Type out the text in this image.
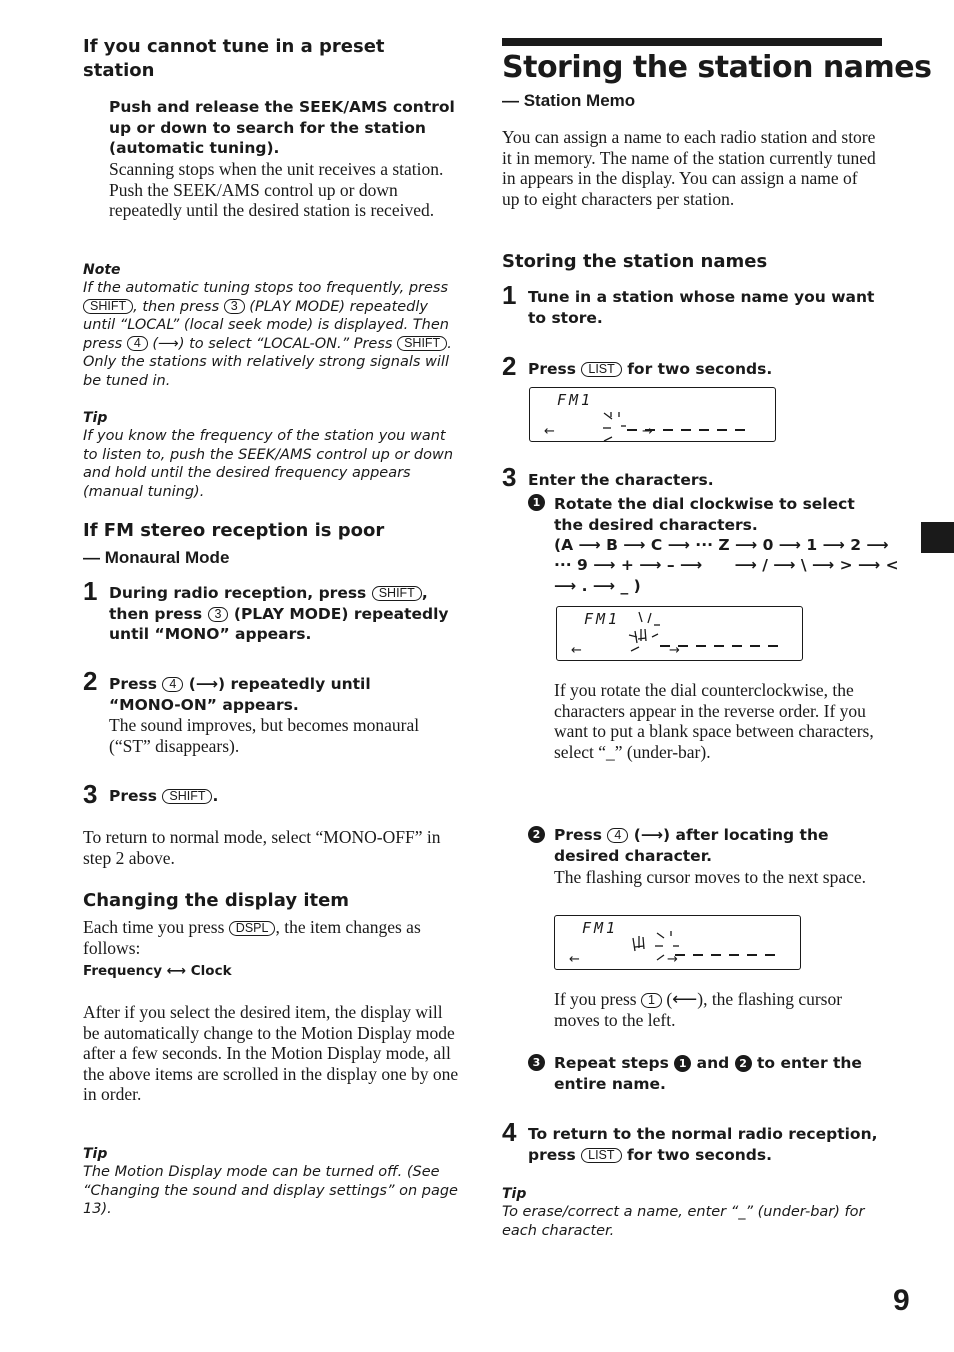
If you cannot tune in a preset station
Push and release the SEEK/AMS control up or down to search for the station (automatic tuning).
Scanning stops when the unit receives a station. Push the SEEK/AMS control up or down repeatedly until the desired station is received.
Note
If the automatic tuning stops too frequently, press SHIFT , then press 3 (PLAY MODE) repeatedly until “LOCAL” (local seek mode) is displayed. Then press 4 (⟶) to select “LOCAL-ON.” Press SHIFT . Only the stations with relatively strong signals will be tuned in.
Tip
If you know the frequency of the station you want to listen to, push the SEEK/AMS control up or down and hold until the desired frequency appears (manual tuning).
If FM stereo reception is poor
— Monaural Mode
1 During radio reception, press SHIFT , then press 3 (PLAY MODE) repeatedly until “MONO” appears.
2 Press 4 (⟶) repeatedly until “MONO-ON” appears.
The sound improves, but becomes monaural (“ST” disappears).
3 Press SHIFT .
To return to normal mode, select “MONO-OFF” in step 2 above.
Changing the display item
Each time you press DSPL , the item changes as follows:
Frequency ⟷ Clock
After if you select the desired item, the display will be automatically change to the Motion Display mode after a few seconds. In the Motion Display mode, all the above items are scrolled in the display one by one in order.
Tip
The Motion Display mode can be turned off. (See “Changing the sound and display settings” on page 13).
Storing the station names
— Station Memo
You can assign a name to each radio station and store it in memory. The name of the station currently tuned in appears in the display. You can assign a name of up to eight characters per station.
Storing the station names
1 Tune in a station whose name you want to store.
2 Press LIST for two seconds.
FM1
←	→
3 Enter the characters.
1 Rotate the dial clockwise to select the desired characters.
(A ⟶ B ⟶ C ⟶ ··· Z ⟶ 0 ⟶ 1 ⟶ 2 ⟶
··· 9 ⟶ + ⟶ – ⟶      ⟶ / ⟶ \ ⟶ > ⟶ <
⟶ . ⟶ _ )
FM1
←	→
If you rotate the dial counterclockwise, the characters appear in the reverse order. If you want to put a blank space between characters, select “_” (under-bar).
2 Press 4 (⟶) after locating the desired character.
The flashing cursor moves to the next space.
FM1
←	→
If you press 1 (⟵), the flashing cursor moves to the left.
3 Repeat steps 1 and 2 to enter the entire name.
4 To return to the normal radio reception, press LIST for two seconds.
Tip
To erase/correct a name, enter “_” (under-bar) for each character.
9
